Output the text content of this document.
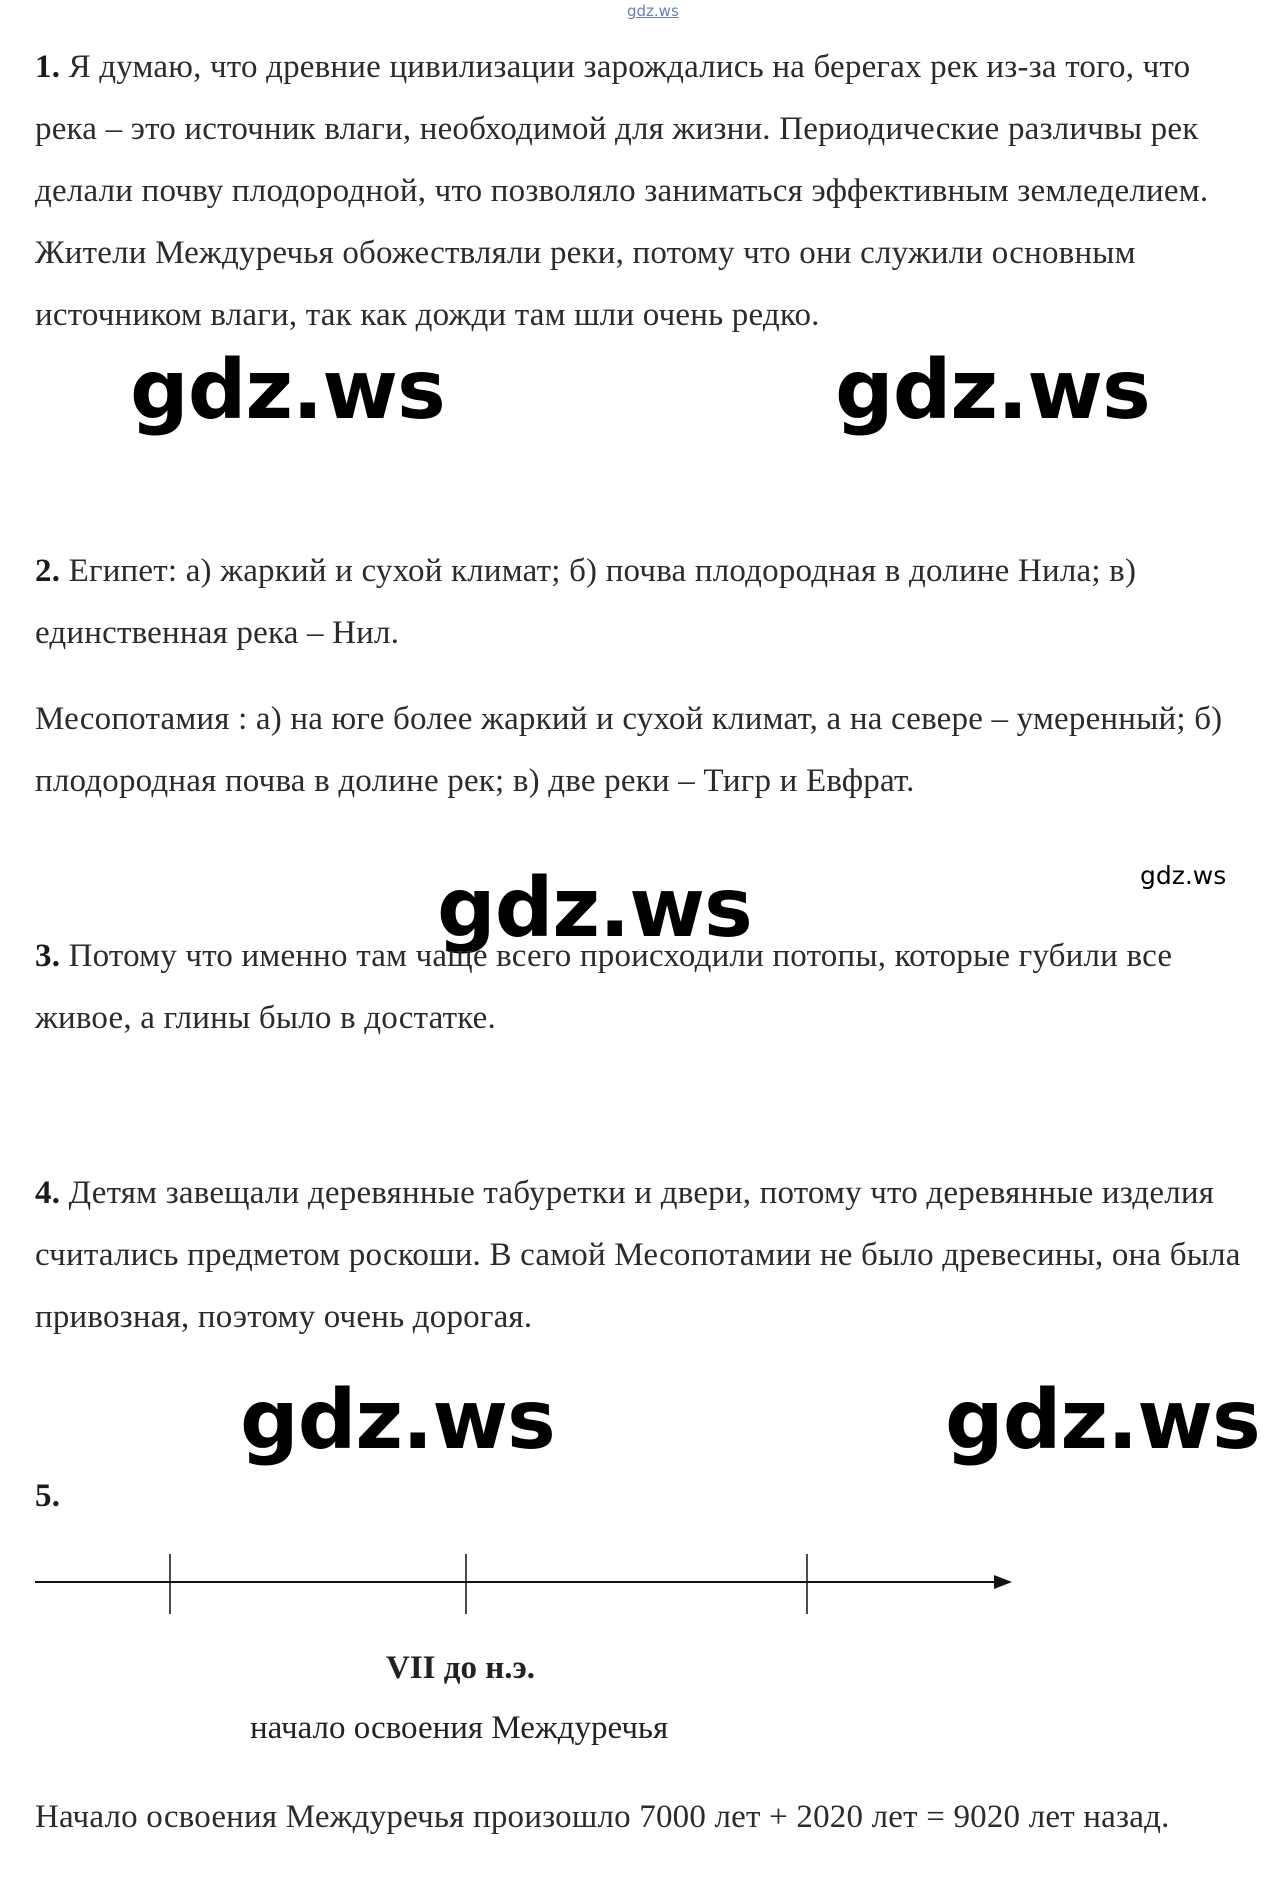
gdz.ws

1. Я думаю, что древние цивилизации зарождались на берегах рек из-за того, что река – это источник влаги, необходимой для жизни. Периодические различвы рек делали почву плодородной, что позволяло заниматься эффективным земледелием. Жители Междуречья обожествляли реки, потому что они служили основным источником влаги, так как дожди там шли очень редко.

gdz.ws	gdz.ws

2. Египет: а) жаркий и сухой климат; б) почва плодородная в долине Нила; в) единственная река – Нил.

Месопотамия : а) на юге более жаркий и сухой климат, а на севере – умеренный; б) плодородная почва в долине рек; в) две реки – Тигр и Евфрат.

gdz.ws	gdz.ws

3. Потому что именно там чаще всего происходили потопы, которые губили все живое, а глины было в достатке.

4. Детям завещали деревянные табуретки и двери, потому что деревянные изделия считались предметом роскоши. В самой Месопотамии не было древесины, она была привозная, поэтому очень дорогая.

gdz.ws	gdz.ws

5.

VII до н.э.
начало освоения Междуречья

Начало освоения Междуречья произошло 7000 лет + 2020 лет = 9020 лет назад.
